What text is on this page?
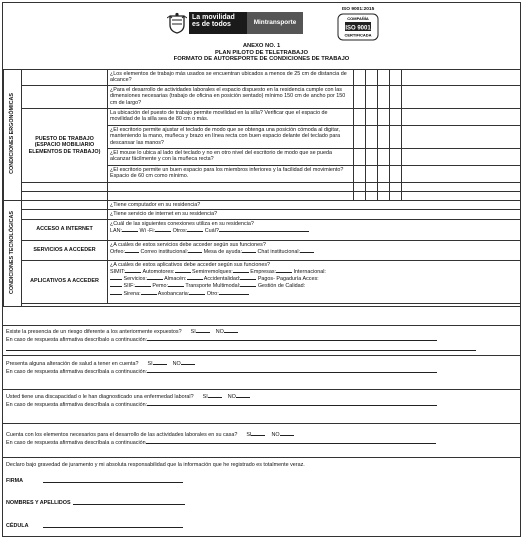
La movilidad
es de todos	Mintransporte
ISO 9001:2015
COMPAÑÍA
ISO 9001
CERTIFICADA
ANEXO NO. 1
PLAN PILOTO DE TELETRABAJO
FORMATO DE AUTOREPORTE DE CONDICIONES DE TRABAJO
CONDICIONES ERGONÓMICAS		¿Los elementos de trabajo más usados se encuentran ubicados a menos de 25 cm de distancia de alcance?						
		¿Para el desarrollo de actividades laborales el espacio dispuesto en la residencia cumple con las dimensiones necesarias (trabajo de oficina en posición sentado) mínimo 150 cm de ancho por 150 cm de largo?						
	PUESTO DE TRABAJO (ESPACIO MOBILIARIO ELEMENTOS DE TRABAJO)	La ubicación del puesto de trabajo permite movilidad en la silla? Verificar que el espacio de movilidad de la silla sea de 80 cm o más.						
		¿El escritorio permite ajustar el teclado de modo que se obtenga una posición cómoda al digitar, manteniendo la mano, muñeca y brazo en línea recta con buen espacio delante del teclado para descansar las manos?						
		¿El mouse lo ubica al lado del teclado y no en otro nivel del escritorio de modo que se pueda alcanzar fácilmente y con la muñeca recta?						
		¿El escritorio permite un buen espacio para los miembros inferiores y la facilidad del movimiento? Espacio de 60 cm como mínimo.						

CONDICIONES TECNOLÓGICAS		¿Tiene computador en su residencia?						
		¿Tiene servicio de internet en su residencia?						
	ACCESO A INTERNET	¿Cuál de las siguientes conexiones utiliza en su residencia?
LAN: Wi -Fi: Otros: Cuál?						

	SERVICIOS A ACCEDER	¿A cuáles de estos servicios debe acceder según sus funciones?
Orfeo: Correo institucional: Mesa de ayuda: Chat institucional:						

	APLICATIVOS A ACCEDER	¿A cuáles de estos aplicativos debe acceder según sus funciones?
SIMIT: Automotores: Semirremolques: Empresas: Internacional:
Servicios: Almacén: Accidentalidad: Pagos- Pagaduría Acces:
SIIF: Pemo: Transporte Multimodal: Gestión de Calidad:
Sirena: Asobancaria: Otro:						

Existe la presencia de un riesgo diferente a los anteriormente expuestos? SI	NO
En caso de respuesta afirmativa descríbalo a continuación:
Presenta alguna alteración de salud a tener en cuenta? SI	NO
En caso de respuesta afirmativa descríbala a continuación:
Usted tiene una discapacidad o le han diagnosticado una enfermedad laboral? SI	NO
En caso de respuesta afirmativa descríbala a continuación:
Cuenta con los elementos necesarios para el desarrollo de las actividades laborales en su casa? SI	NO
En caso de respuesta afirmativa descríbala a continuación
Declaro bajo gravedad de juramento y mi absoluta responsabilidad que la información que he registrado es totalmente veraz.
FIRMA
NOMBRES Y APELLIDOS
CÉDULA
